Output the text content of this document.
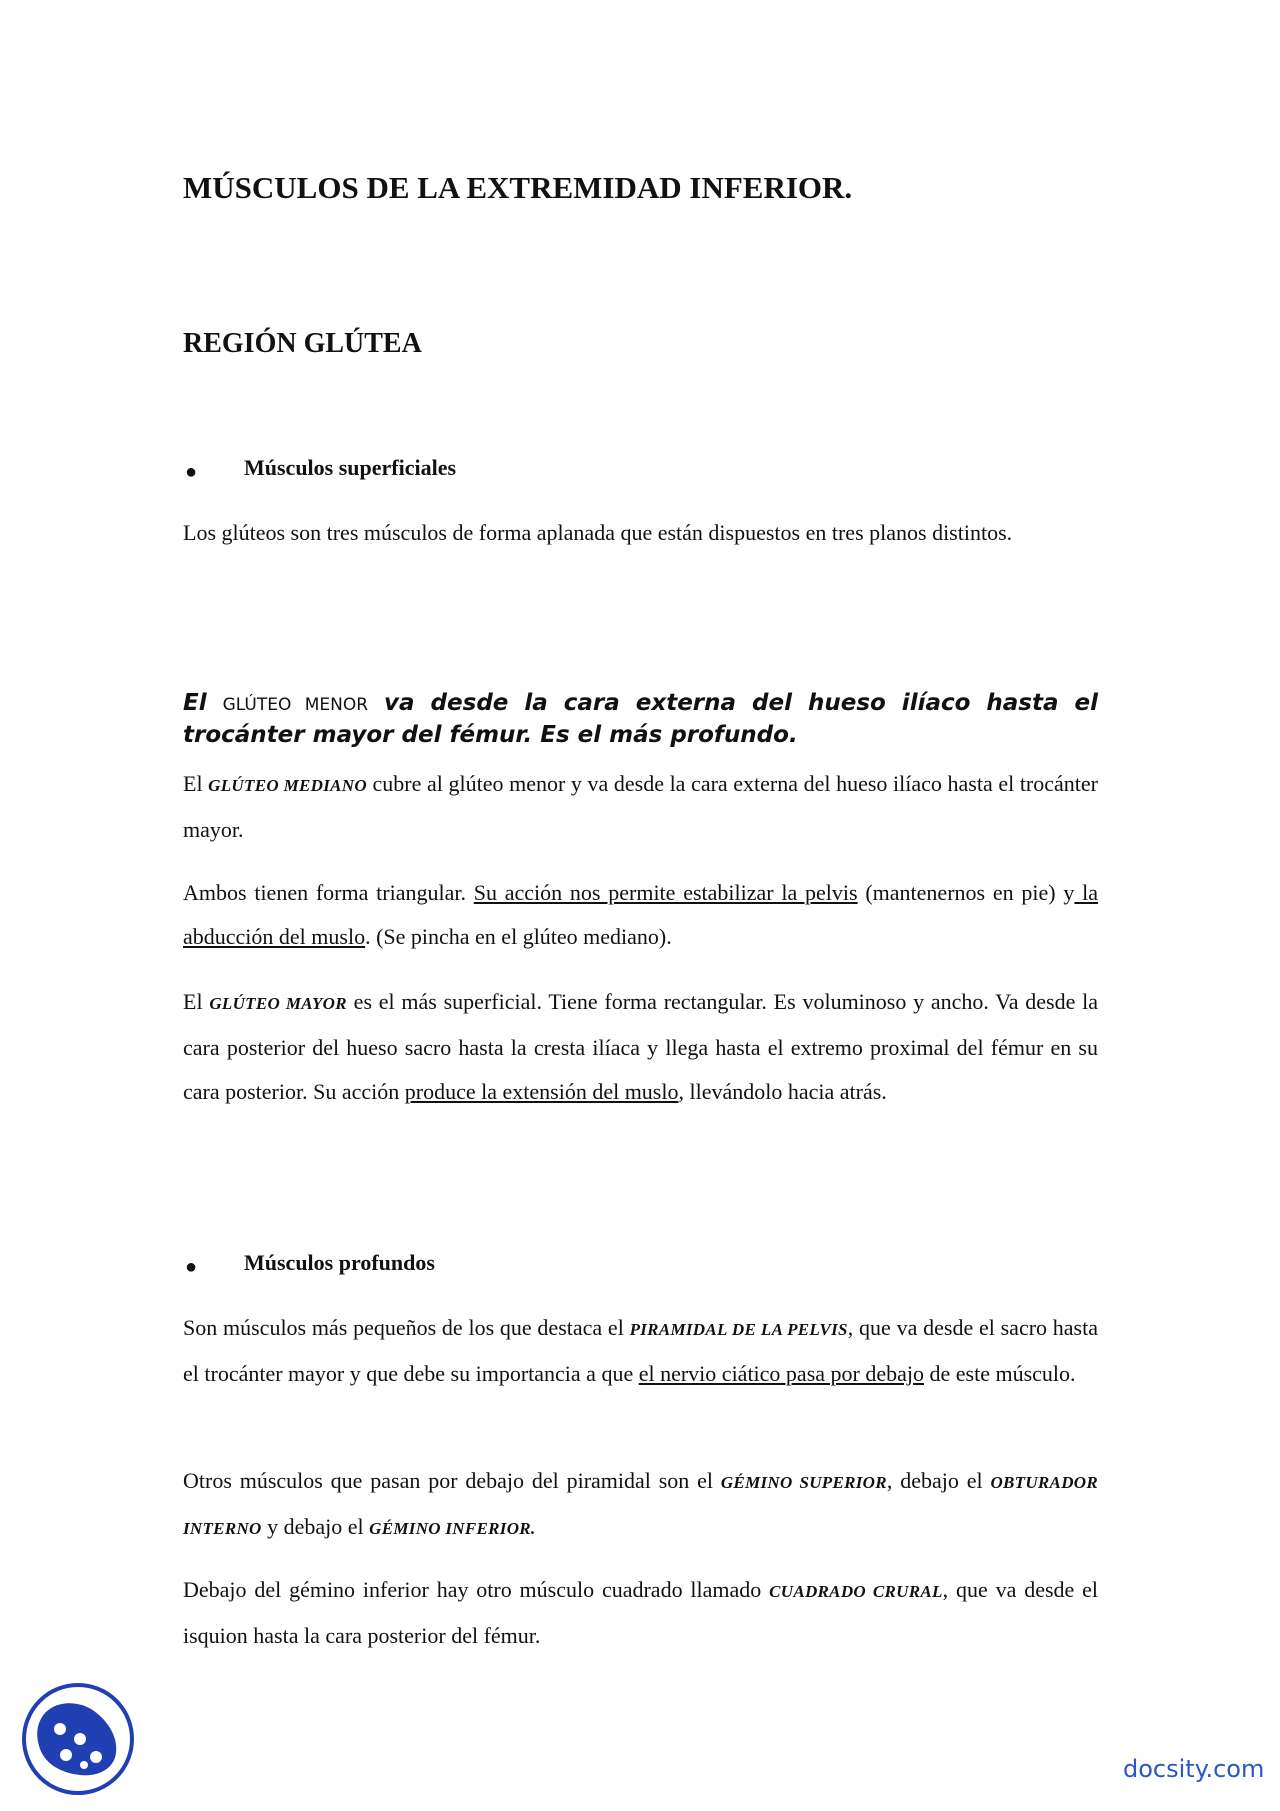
MÚSCULOS DE LA EXTREMIDAD INFERIOR.
REGIÓN GLÚTEA
● Músculos superficiales

Los glúteos son tres músculos de forma aplanada que están dispuestos en tres planos distintos.

El GLÚTEO MENOR va desde la cara externa del hueso ilíaco hasta el trocánter mayor del fémur. Es el más profundo.

El GLÚTEO MEDIANO cubre al glúteo menor y va desde la cara externa del hueso ilíaco hasta el trocánter mayor.

Ambos tienen forma triangular. Su acción nos permite estabilizar la pelvis (mantenernos en pie) y la abducción del muslo. (Se pincha en el glúteo mediano).

El GLÚTEO MAYOR es el más superficial. Tiene forma rectangular. Es voluminoso y ancho. Va desde la cara posterior del hueso sacro hasta la cresta ilíaca y llega hasta el extremo proximal del fémur en su cara posterior. Su acción produce la extensión del muslo, llevándolo hacia atrás.

● Músculos profundos

Son músculos más pequeños de los que destaca el PIRAMIDAL DE LA PELVIS, que va desde el sacro hasta el trocánter mayor y que debe su importancia a que el nervio ciático pasa por debajo de este músculo.

Otros músculos que pasan por debajo del piramidal son el GÉMINO SUPERIOR, debajo el OBTURADOR INTERNO y debajo el GÉMINO INFERIOR.

Debajo del gémino inferior hay otro músculo cuadrado llamado CUADRADO CRURAL, que va desde el isquion hasta la cara posterior del fémur.

docsity.com
